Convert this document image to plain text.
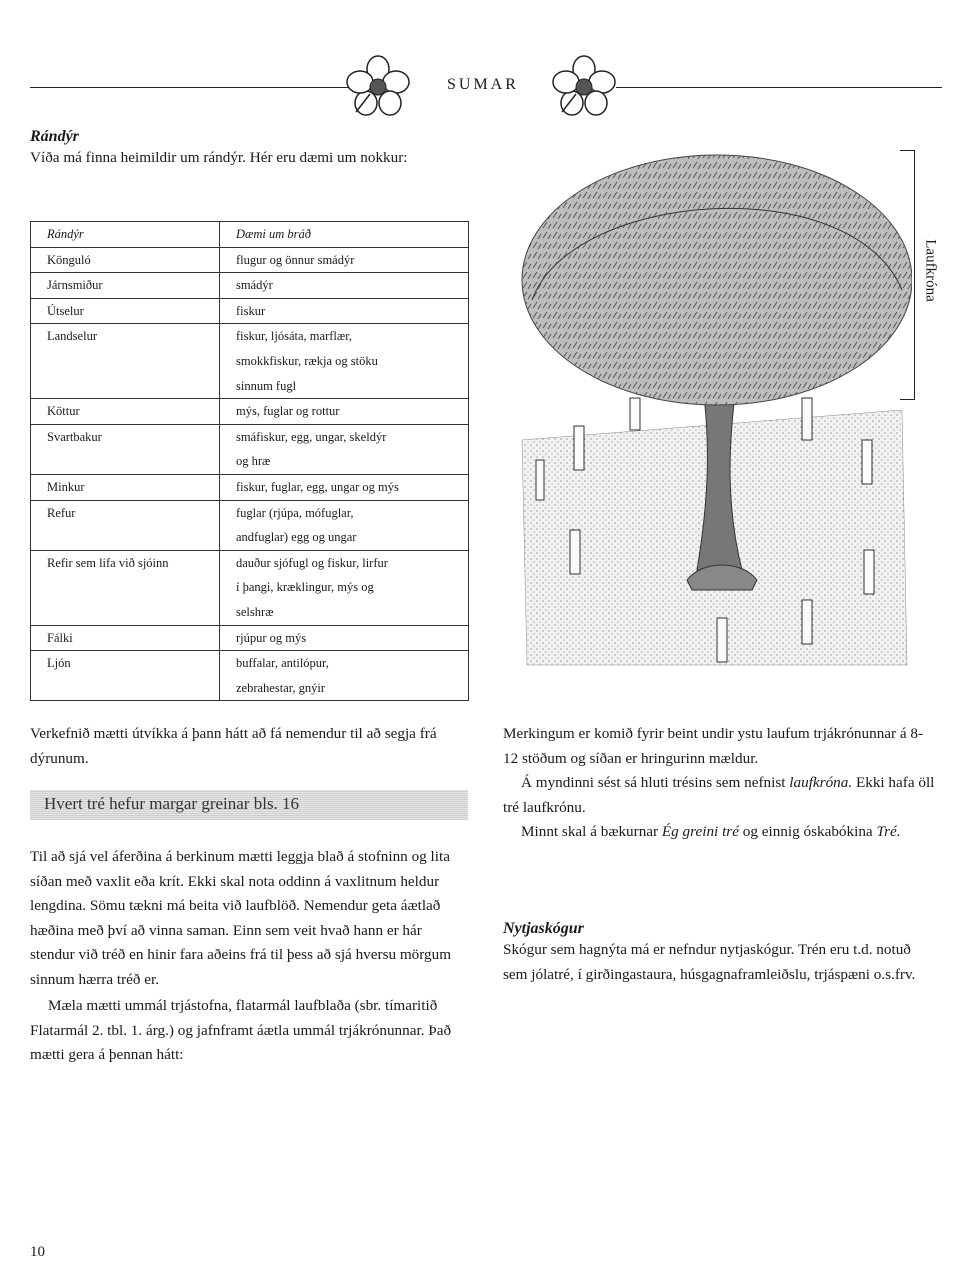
SUMAR

Rándýr

Víða má finna heimildir um rándýr. Hér eru dæmi um nokkur:

Rándýr	Dæmi um bráð
Könguló	flugur og önnur smádýr
Járnsmiður	smádýr
Útselur	fiskur
Landselur	fiskur, ljósáta, marflær, smokkfiskur, rækja og stöku sinnum fugl
Köttur	mýs, fuglar og rottur
Svartbakur	smáfiskur, egg, ungar, skeldýr og hræ
Minkur	fiskur, fuglar, egg, ungar og mýs
Refur	fuglar (rjúpa, mófuglar, andfuglar) egg og ungar
Refir sem lifa við sjóinn	dauður sjófugl og fiskur, lirfur í þangi, kræklingur, mýs og selshræ
Fálki	rjúpur og mýs
Ljón	buffalar, antilópur, zebrahestar, gnýir

Verkefnið mætti útvíkka á þann hátt að fá nemendur til að segja frá dýrunum.

Hvert tré hefur margar greinar bls. 16

Til að sjá vel áferðina á berkinum mætti leggja blað á stofninn og lita síðan með vaxlit eða krít. Ekki skal nota oddinn á vaxlitnum heldur lengdina. Sömu tækni má beita við laufblöð. Nemendur geta áætlað hæðina með því að vinna saman. Einn sem veit hvað hann er hár stendur við tréð en hinir fara aðeins frá til þess að sjá hversu mörgum sinnum hærra tréð er.

Mæla mætti ummál trjástofna, flatarmál laufblaða (sbr. tímaritið Flatarmál 2. tbl. 1. árg.) og jafnframt áætla ummál trjákrónunnar. Það mætti gera á þennan hátt:

Laufkróna

Merkingum er komið fyrir beint undir ystu laufum trjákrónunnar á 8-12 stöðum og síðan er hringurinn mældur.

Á myndinni sést sá hluti trésins sem nefnist laufkróna. Ekki hafa öll tré laufkrónu.

Minnt skal á bækurnar Ég greini tré og einnig óskabókina Tré.

Nytjaskógur

Skógur sem hagnýta má er nefndur nytjaskógur. Trén eru t.d. notuð sem jólatré, í girðingastaura, húsgagnaframleiðslu, trjáspæni o.s.frv.

10
